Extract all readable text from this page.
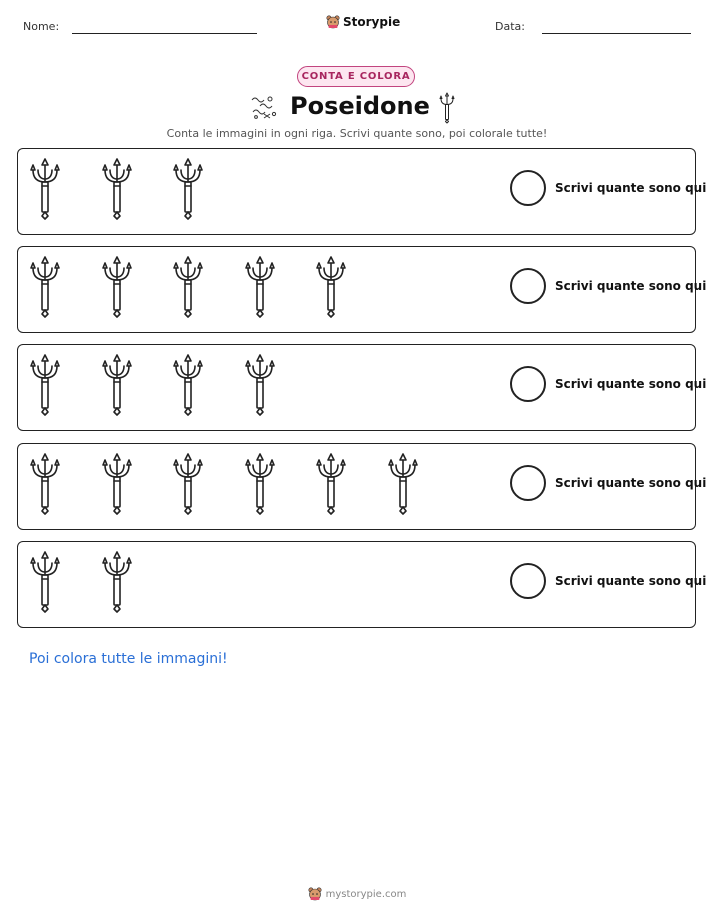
Nome:	Storypie	Data:
CONTA E COLORA
Poseidone
Conta le immagini in ogni riga. Scrivi quante sono, poi colorale tutte!
Scrivi quante sono qui
Scrivi quante sono qui
Scrivi quante sono qui
Scrivi quante sono qui
Scrivi quante sono qui
Poi colora tutte le immagini!
mystorypie.com
